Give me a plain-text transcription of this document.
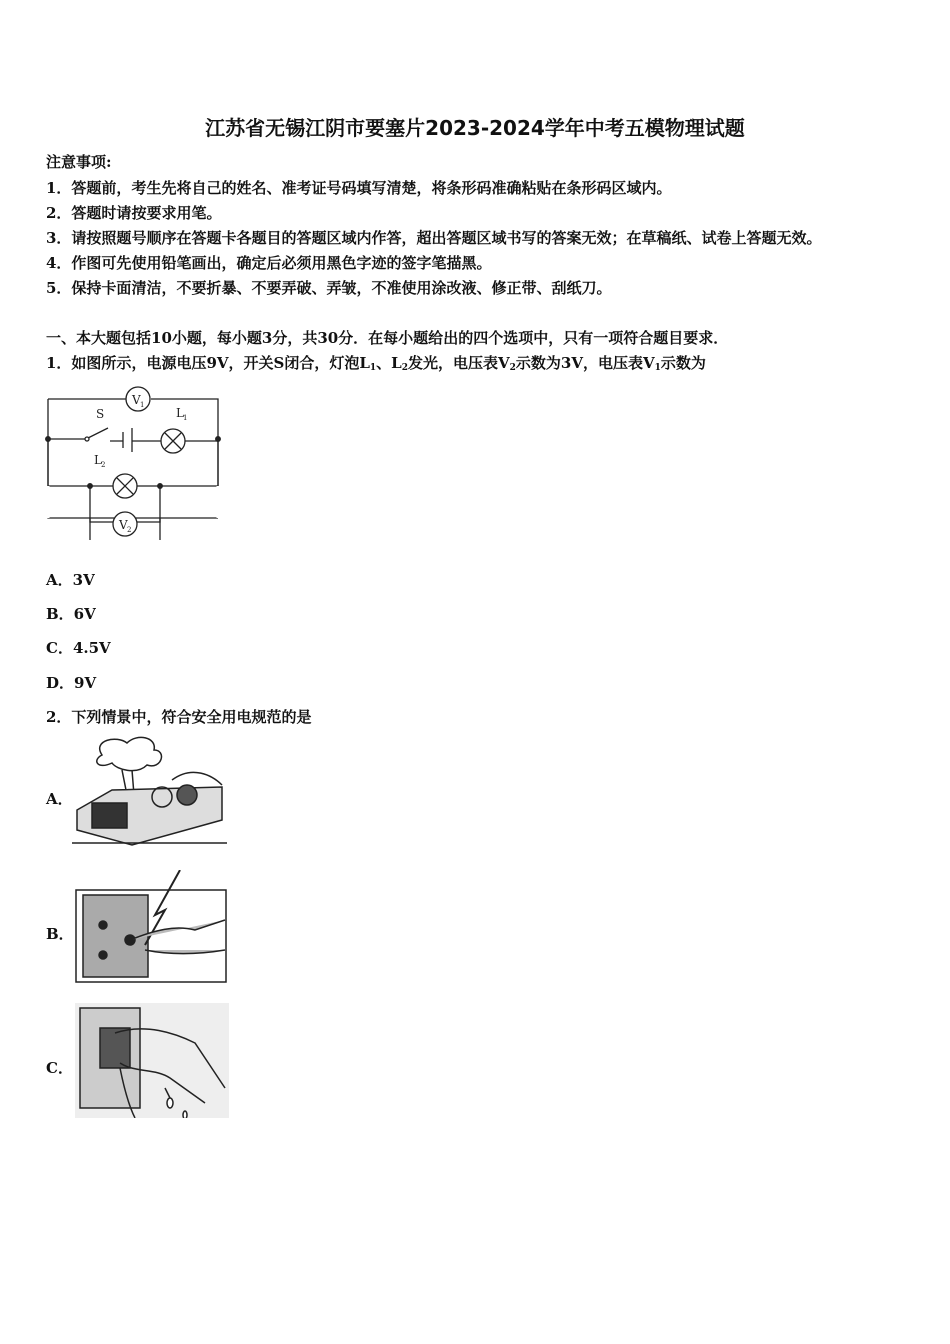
江苏省无锡江阴市要塞片2023-2024学年中考五模物理试题
注意事项:
1．答题前，考生先将自己的姓名、准考证号码填写清楚，将条形码准确粘贴在条形码区域内。
2．答题时请按要求用笔。
3．请按照题号顺序在答题卡各题目的答题区域内作答，超出答题区域书写的答案无效；在草稿纸、试卷上答题无效。
4．作图可先使用铅笔画出，确定后必须用黑色字迹的签字笔描黑。
5．保持卡面清洁，不要折暴、不要弄破、弄皱，不准使用涂改液、修正带、刮纸刀。
一、本大题包括10小题，每小题3分，共30分．在每小题给出的四个选项中，只有一项符合题目要求．
1．如图所示，电源电压9V，开关S闭合，灯泡$L_1$、$L_2$发光，电压表$V_2$示数为3V，电压表$V_1$示数为
V 1
S	L 1
L 2
V 2
A．3V
B．6V
C．4.5V
D．9V
2．下列情景中，符合安全用电规范的是
A．
B．
C．
